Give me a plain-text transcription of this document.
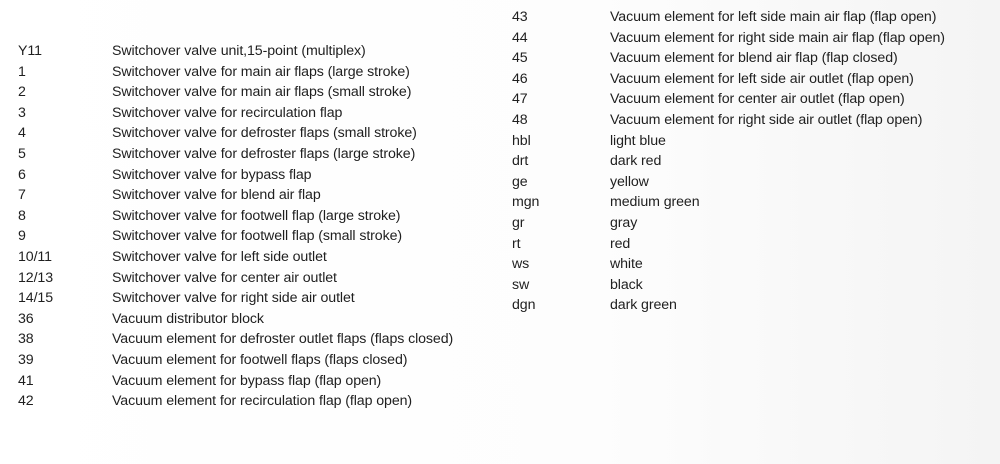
Y11	Switchover valve unit,15-point (multiplex)
1	Switchover valve for main air flaps (large stroke)
2	Switchover valve for main air flaps (small stroke)
3	Switchover valve for recirculation flap
4	Switchover valve for defroster flaps (small stroke)
5	Switchover valve for defroster flaps (large stroke)
6	Switchover valve for bypass flap
7	Switchover valve for blend air flap
8	Switchover valve for footwell flap (large stroke)
9	Switchover valve for footwell flap (small stroke)
10/11	Switchover valve for left side outlet
12/13	Switchover valve for center air outlet
14/15	Switchover valve for right side air outlet
36	Vacuum distributor block
38	Vacuum element for defroster outlet flaps (flaps closed)
39	Vacuum element for footwell flaps (flaps closed)
41	Vacuum element for bypass flap (flap open)
42	Vacuum element for recirculation flap (flap open)
43	Vacuum element for left side main air flap (flap open)
44	Vacuum element for right side main air flap (flap open)
45	Vacuum element for blend air flap (flap closed)
46	Vacuum element for left side air outlet (flap open)
47	Vacuum element for center air outlet (flap open)
48	Vacuum element for right side air outlet (flap open)
hbl	light blue
drt	dark red
ge	yellow
mgn	medium green
gr	gray
rt	red
ws	white
sw	black
dgn	dark green
